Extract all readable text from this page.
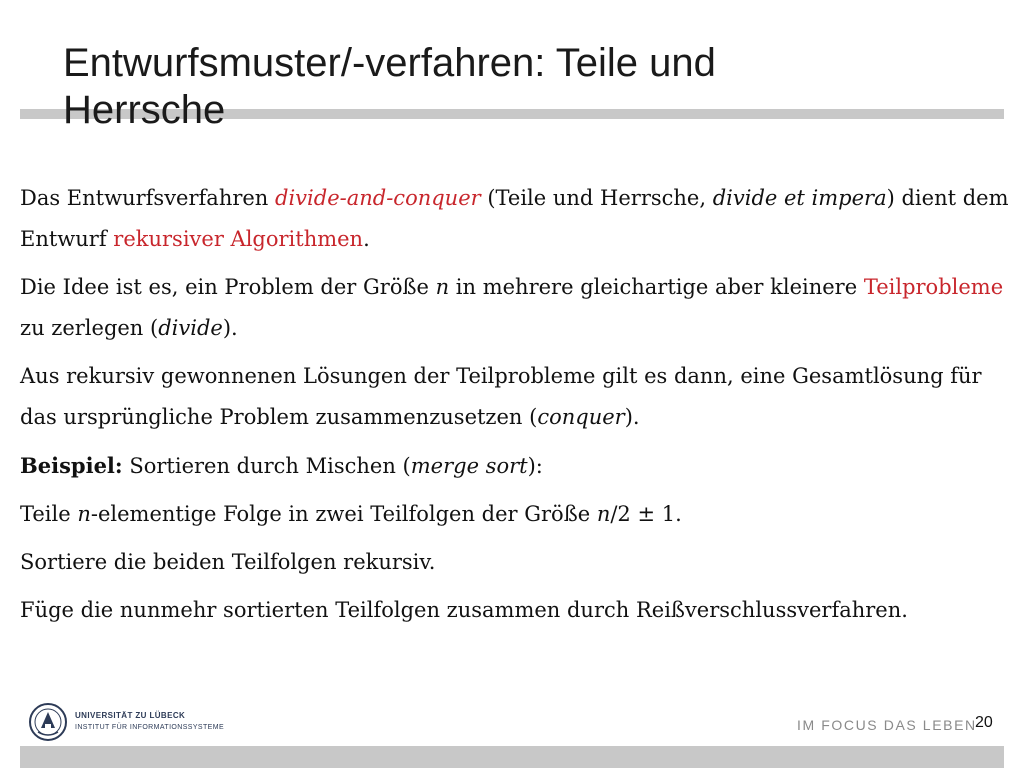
Entwurfsmuster/-verfahren: Teile und Herrsche

Das Entwurfsverfahren divide-and-conquer (Teile und Herrsche, divide et impera) dient dem Entwurf rekursiver Algorithmen.

Die Idee ist es, ein Problem der Größe n in mehrere gleichartige aber kleinere Teilprobleme zu zerlegen (divide).

Aus rekursiv gewonnenen Lösungen der Teilprobleme gilt es dann, eine Gesamtlösung für das ursprüngliche Problem zusammenzusetzen (conquer).

Beispiel: Sortieren durch Mischen (merge sort):

Teile n-elementige Folge in zwei Teilfolgen der Größe n/2 ± 1.

Sortiere die beiden Teilfolgen rekursiv.

Füge die nunmehr sortierten Teilfolgen zusammen durch Reißverschlussverfahren.

UNIVERSITÄT ZU LÜBECK
INSTITUT FÜR INFORMATIONSSYSTEME	IM FOCUS DAS LEBEN
20
